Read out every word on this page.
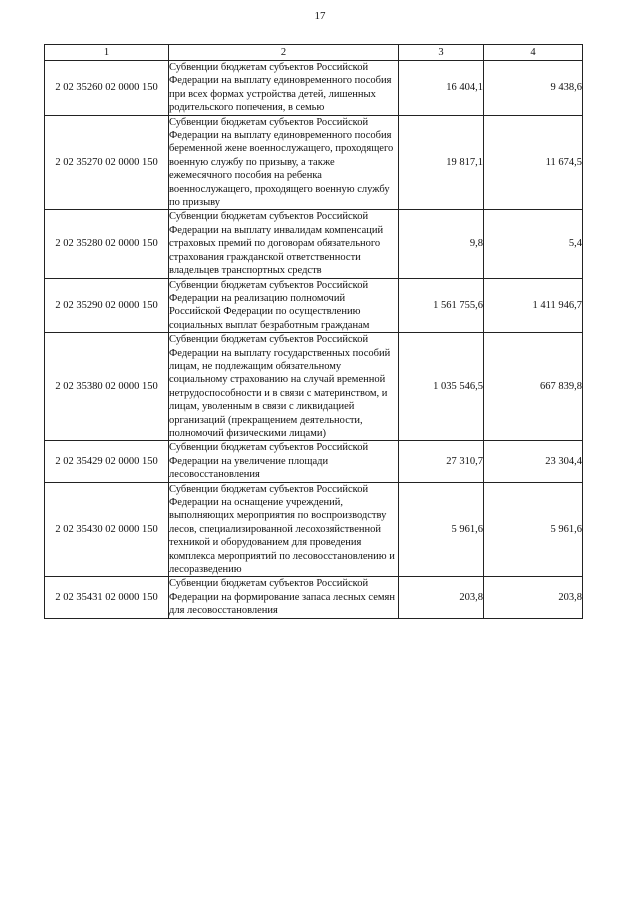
17
1	2	3	4
2 02 35260 02 0000 150	Субвенции бюджетам субъектов Российской Федерации на выплату единовременного пособия при всех формах устройства детей, лишенных родительского попечения, в семью	16 404,1	9 438,6
2 02 35270 02 0000 150	Субвенции бюджетам субъектов Российской Федерации на выплату единовременного пособия беременной жене военнослужащего, проходящего военную службу по призыву, а также ежемесячного пособия на ребенка военнослужащего, проходящего военную службу по призыву	19 817,1	11 674,5
2 02 35280 02 0000 150	Субвенции бюджетам субъектов Российской Федерации на выплату инвалидам компенсаций страховых премий по договорам обязательного страхования гражданской ответственности владельцев транспортных средств	9,8	5,4
2 02 35290 02 0000 150	Субвенции бюджетам субъектов Российской Федерации на реализацию полномочий Российской Федерации по осуществлению социальных выплат безработным гражданам	1 561 755,6	1 411 946,7
2 02 35380 02 0000 150	Субвенции бюджетам субъектов Российской Федерации на выплату государственных пособий лицам, не подлежащим обязательному социальному страхованию на случай временной нетрудоспособности и в связи с материнством, и лицам, уволенным в связи с ликвидацией организаций (прекращением деятельности, полномочий физическими лицами)	1 035 546,5	667 839,8
2 02 35429 02 0000 150	Субвенции бюджетам субъектов Российской Федерации на увеличение площади лесовосстановления	27 310,7	23 304,4
2 02 35430 02 0000 150	Субвенции бюджетам субъектов Российской Федерации на оснащение учреждений, выполняющих мероприятия по воспроизводству лесов, специализированной лесохозяйственной техникой и оборудованием для проведения комплекса мероприятий по лесовосстановлению и лесоразведению	5 961,6	5 961,6
2 02 35431 02 0000 150	Субвенции бюджетам субъектов Российской Федерации на формирование запаса лесных семян для лесовосстановления	203,8	203,8
